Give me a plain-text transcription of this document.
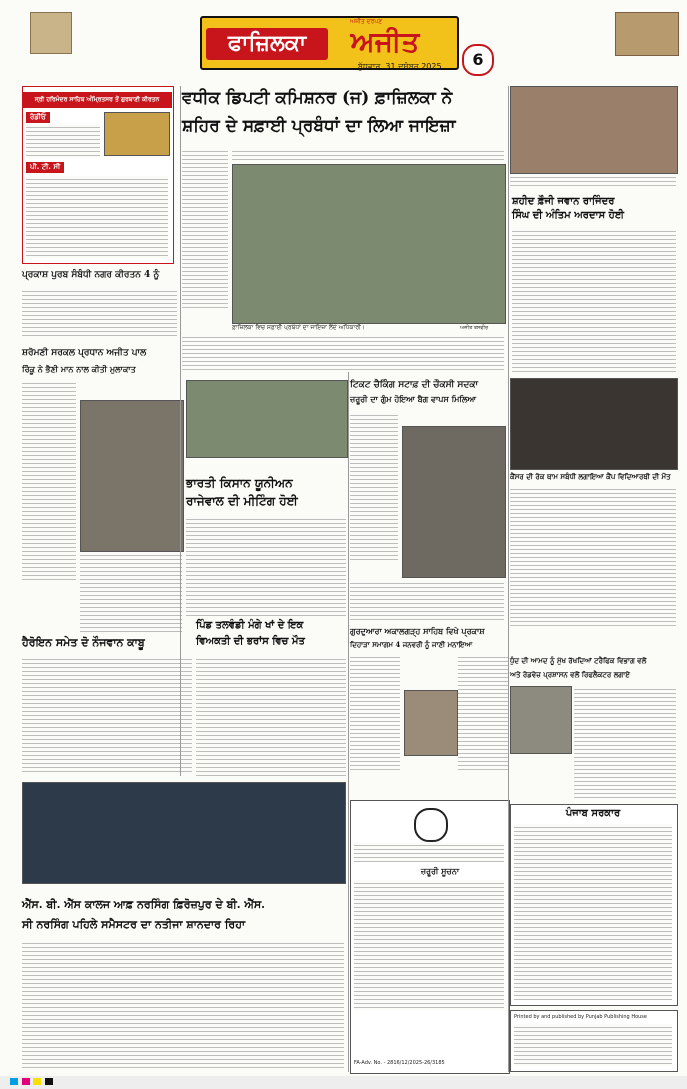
ਫਾਜ਼ਿਲਕਾ	ਅਜੀਤ
ਅਜੀਤ ਦਰਪਣ
ਬੁੱਧਵਾਰ, 31 ਦਸੰਬਰ 2025	6
ਸ੍ਰੀ ਹਰਿਮੰਦਰ ਸਾਹਿਬ ਅੰਮ੍ਰਿਤਸਰ ਤੋਂ ਗੁਰਬਾਣੀ ਕੀਰਤਨ
ਰੇਡੀਓ
ਪੀ. ਟੀ. ਸੀ
ਵਧੀਕ ਡਿਪਟੀ ਕਮਿਸ਼ਨਰ (ਜ) ਫ਼ਾਜ਼ਿਲਕਾ ਨੇ
ਸ਼ਹਿਰ ਦੇ ਸਫ਼ਾਈ ਪ੍ਰਬੰਧਾਂ ਦਾ ਲਿਆ ਜਾਇਜ਼ਾ
ਫ਼ਾਜ਼ਿਲਕਾ ਵਿਚ ਸਫ਼ਾਈ ਪ੍ਰਬੰਧਾਂ ਦਾ ਜਾਇਜ਼ਾ ਲੈਂਦੇ ਅਧਿਕਾਰੀ।	ਅਜੀਤ ਤਸਵੀਰ
ਸ਼ਹੀਦ ਫ਼ੌਜੀ ਜਵਾਨ ਰਾਜਿੰਦਰ
ਸਿੰਘ ਦੀ ਅੰਤਿਮ ਅਰਦਾਸ ਹੋਈ
ਪ੍ਰਕਾਸ਼ ਪੁਰਬ ਸੰਬੰਧੀ ਨਗਰ ਕੀਰਤਨ 4 ਨੂੰ
ਸ਼ਰੋਮਣੀ ਸਰਕਲ ਪ੍ਰਧਾਨ ਅਜੀਤ ਪਾਲ
ਰਿੰਕੂ ਨੇ ਭੈਣੀ ਮਾਨ ਨਾਲ ਕੀਤੀ ਮੁਲਾਕਾਤ
ਹੈਰੋਇਨ ਸਮੇਤ ਦੋ ਨੌਜਵਾਨ ਕਾਬੂ
ਭਾਰਤੀ ਕਿਸਾਨ ਯੂਨੀਅਨ
ਰਾਜੇਵਾਲ ਦੀ ਮੀਟਿੰਗ ਹੋਈ
ਪਿੰਡ ਤਲਵੰਡੀ ਮੰਗੇ ਖਾਂ ਦੇ ਇਕ
ਵਿਅਕਤੀ ਦੀ ਭਰਾਂਸ ਵਿਚ ਮੌਤ
ਟਿਕਟ ਚੈਕਿੰਗ ਸਟਾਫ਼ ਦੀ ਚੌਕਸੀ ਸਦਕਾ
ਜ਼ਰੂਰੀ ਦਾ ਗੁੰਮ ਹੋਇਆ ਬੈਗ ਵਾਪਸ ਮਿਲਿਆ
ਗੁਰਦੁਆਰਾ ਅਕਾਲਗੜ੍ਹ ਸਾਹਿਬ ਵਿਖੇ ਪ੍ਰਕਾਸ਼
ਦਿਹਾੜਾ ਸਮਾਗਮ 4 ਜਨਵਰੀ ਨੂੰ ਜਾਣੀ ਮਨਾਇਆ
ਕੈਂਸਰ ਦੀ ਰੋਕ ਥਾਮ ਸਬੰਧੀ ਲਗਾਇਆ ਕੈਂਪ ਵਿਦਿਆਰਥੀ ਦੀ ਮੌਤ
ਧੁੰਦ ਦੀ ਆਮਦ ਨੂੰ ਮੁੱਖ ਰੱਖਦਿਆਂ ਟਰੈਫਿਕ ਵਿਭਾਗ ਵਲੋਂ
ਅਤੇ ਰੋਡਵੇਜ਼ ਪ੍ਰਸ਼ਾਸਨ ਵਲੋਂ ਰਿਫਲੈਕਟਰ ਲਗਾਏ
ਐੱਸ. ਬੀ. ਐੱਸ ਕਾਲਜ ਆਫ਼ ਨਰਸਿੰਗ ਫ਼ਿਰੋਜ਼ਪੁਰ ਦੇ ਬੀ. ਐੱਸ.
ਸੀ ਨਰਸਿੰਗ ਪਹਿਲੇ ਸਮੈਸਟਰ ਦਾ ਨਤੀਜਾ ਸ਼ਾਨਦਾਰ ਰਿਹਾ
ਜ਼ਰੂਰੀ ਸੂਚਨਾ
FA-Adv. No. - 2816/12/2025-26/3185
ਪੰਜਾਬ ਸਰਕਾਰ
Printed by and published by Punjab Publishing House
